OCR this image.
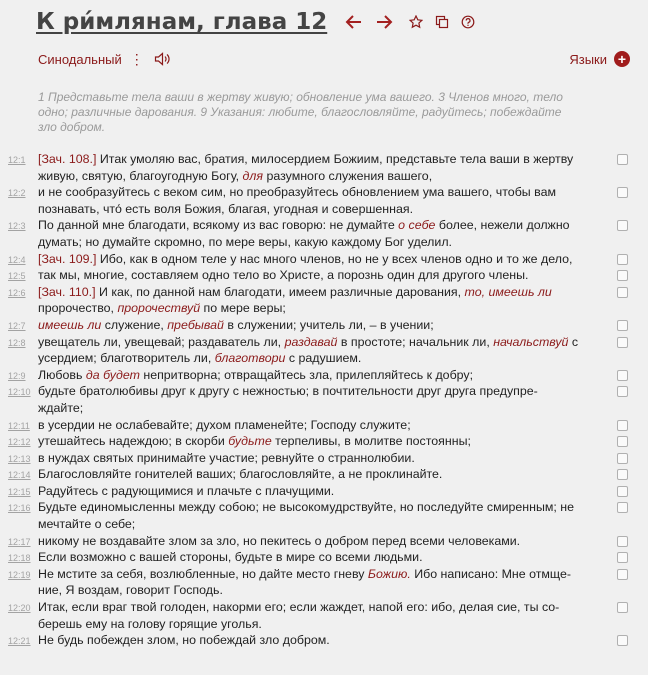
К ри́млянам, глава 12
Синодальный ⋮	Языки +
1 Представьте тела ваши в жертву живую; обновление ума вашего. 3 Членов много, тело одно; различные дарования. 9 Указания: любите, благословляйте, радуйтесь; побеждайте зло добром.
12:1	[Зач. 108.] Итак умоляю вас, братия, милосердием Божиим, представьте тела ваши в жертву живую, святую, благоугодную Богу, для разумного служения вашего,
12:2	и не сообразуйтесь с веком сим, но преобразуйтесь обновлением ума вашего, чтобы вам познавать, что́ есть воля Божия, благая, угодная и совершенная.
12:3	По данной мне благодати, всякому из вас говорю: не думайте о себе более, нежели должно думать; но думайте скромно, по мере веры, какую каждому Бог уделил.
12:4	[Зач. 109.] Ибо, как в одном теле у нас много членов, но не у всех членов одно и то же дело,
12:5	так мы, многие, составляем одно тело во Христе, а порознь один для другого члены.
12:6	[Зач. 110.] И как, по данной нам благодати, имеем различные дарования, то, имеешь ли пророчество, пророчествуй по мере веры;
12:7	имеешь ли служение, пребывай в служении; учитель ли, – в учении;
12:8	увещатель ли, увещевай; раздаватель ли, раздавай в простоте; начальник ли, начальствуй с усердием; благотворитель ли, благотвори с радушием.
12:9	Любовь да будет непритворна; отвращайтесь зла, прилепляйтесь к добру;
12:10 будьте братолюбивы друг к другу с нежностью; в почтительности друг друга предупре-
ждайте;
12:11 в усердии не ослабевайте; духом пламенейте; Господу служите;
12:12 утешайтесь надеждою; в скорби будьте терпеливы, в молитве постоянны;
12:13 в нуждах святых принимайте участие; ревнуйте о страннолюбии.
12:14 Благословляйте гонителей ваших; благословляйте, а не проклинайте.
12:15 Радуйтесь с радующимися и плачьте с плачущими.
12:16 Будьте единомысленны между собою; не высокомудрствуйте, но последуйте смиренным; не мечтайте о себе;
12:17 никому не воздавайте злом за зло, но пекитесь о добром перед всеми человеками.
12:18 Если возможно с вашей стороны, будьте в мире со всеми людьми.
12:19 Не мстите за себя, возлюбленные, но дайте место гневу Божию. Ибо написано: Мне отмще-
ние, Я воздам, говорит Господь.
12:20 Итак, если враг твой голоден, накорми его; если жаждет, напой его: ибо, делая сие, ты со-
берешь ему на голову горящие уголья.
12:21 Не будь побежден злом, но побеждай зло добром.
